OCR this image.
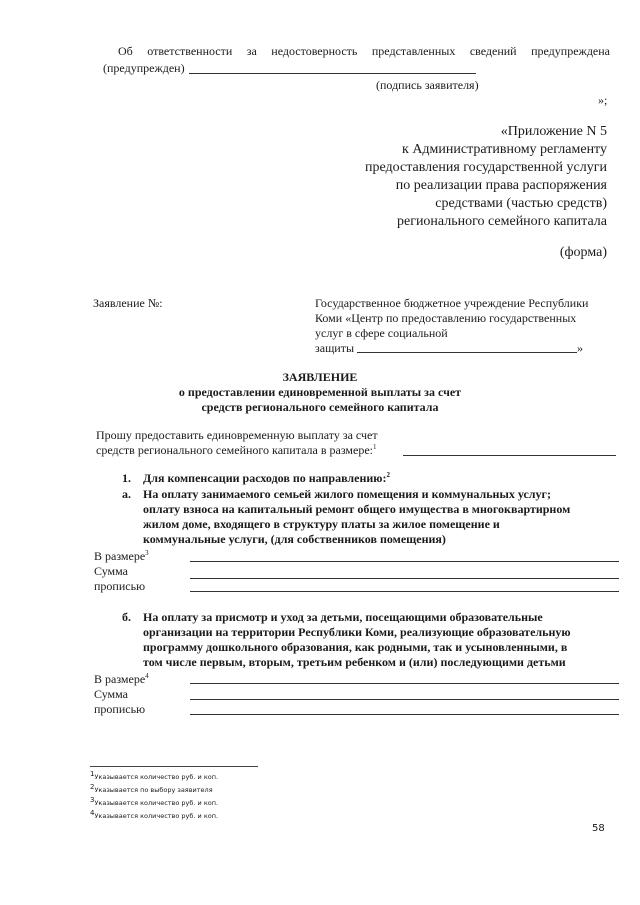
Об ответственности за недостоверность представленных сведений предупреждена
(предупрежден)
(подпись заявителя)
»;
«Приложение N 5
к Административному регламенту
предоставления государственной услуги
по реализации права распоряжения
средствами (частью средств)
регионального семейного капитала
(форма)
Заявление №:	Государственное бюджетное учреждение Республики
Коми «Центр по предоставлению государственных
услуг в сфере социальной
защиты	»
ЗАЯВЛЕНИЕ
о предоставлении единовременной выплаты за счет
средств регионального семейного капитала
Прошу предоставить единовременную выплату за счет
средств регионального семейного капитала в размере:$^1$
1. Для компенсации расходов по направлению:$^2$
а. На оплату занимаемого семьей жилого помещения и коммунальных услуг;
оплату взноса на капитальный ремонт общего имущества в многоквартирном
жилом доме, входящего в структуру платы за жилое помещение и
коммунальные услуги, (для собственников помещения)
В размере$^3$
Сумма
прописью
б. На оплату за присмотр и уход за детьми, посещающими образовательные
организации на территории Республики Коми, реализующие образовательную
программу дошкольного образования, как родными, так и усыновленными, в
том числе первым, вторым, третьим ребенком и (или) последующими детьми
В размере$^4$
Сумма
прописью
$^1$Указывается количество руб. и коп.
$^2$Указывается по выбору заявителя
$^3$Указывается количество руб. и коп.
$^4$Указывается количество руб. и коп.
58
